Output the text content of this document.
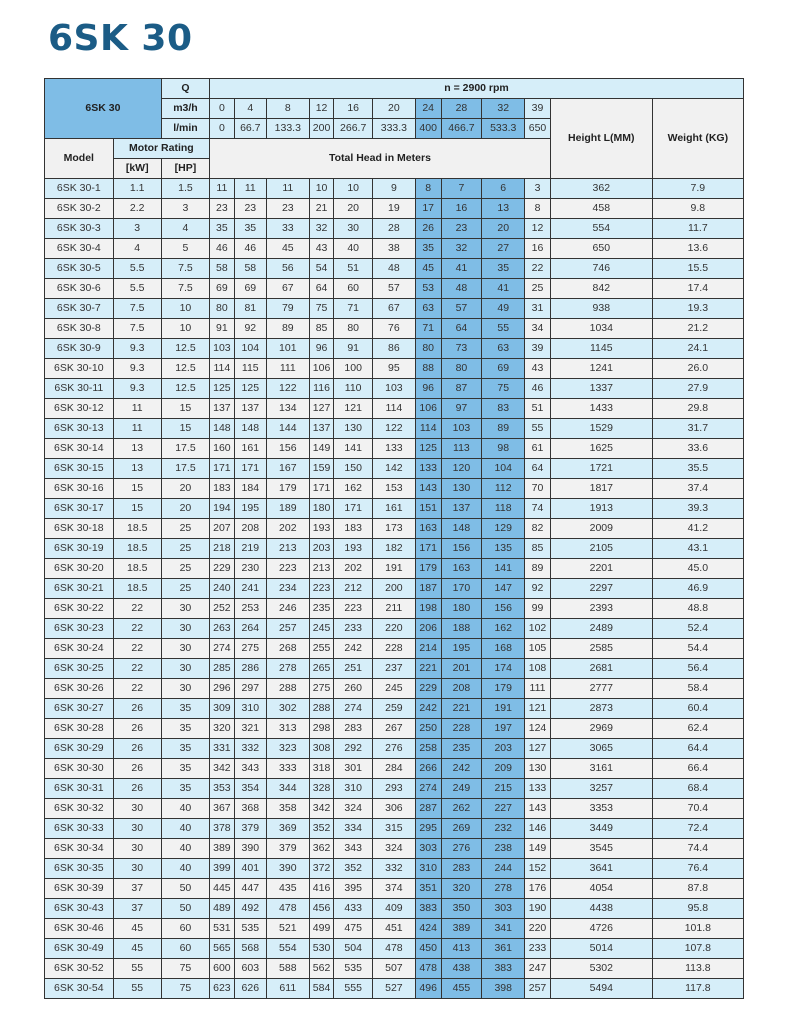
6SK 30
6SK 30		Q	n = 2900 rpm											
		m3/h	0	4	8	12	16	20	24	28	32	39	Height L(MM)	Weight (KG)
		l/min	0	66.7	133.3	200	266.7	333.3	400	466.7	533.3	650		
Model	Motor Rating		Total Head in Meters											
	[kW]	[HP]												
6SK 30-1	1.1	1.5	11	11	11	10	10	9	8	7	6	3	362	7.9
6SK 30-2	2.2	3	23	23	23	21	20	19	17	16	13	8	458	9.8
6SK 30-3	3	4	35	35	33	32	30	28	26	23	20	12	554	11.7
6SK 30-4	4	5	46	46	45	43	40	38	35	32	27	16	650	13.6
6SK 30-5	5.5	7.5	58	58	56	54	51	48	45	41	35	22	746	15.5
6SK 30-6	5.5	7.5	69	69	67	64	60	57	53	48	41	25	842	17.4
6SK 30-7	7.5	10	80	81	79	75	71	67	63	57	49	31	938	19.3
6SK 30-8	7.5	10	91	92	89	85	80	76	71	64	55	34	1034	21.2
6SK 30-9	9.3	12.5	103	104	101	96	91	86	80	73	63	39	1145	24.1
6SK 30-10	9.3	12.5	114	115	111	106	100	95	88	80	69	43	1241	26.0
6SK 30-11	9.3	12.5	125	125	122	116	110	103	96	87	75	46	1337	27.9
6SK 30-12	11	15	137	137	134	127	121	114	106	97	83	51	1433	29.8
6SK 30-13	11	15	148	148	144	137	130	122	114	103	89	55	1529	31.7
6SK 30-14	13	17.5	160	161	156	149	141	133	125	113	98	61	1625	33.6
6SK 30-15	13	17.5	171	171	167	159	150	142	133	120	104	64	1721	35.5
6SK 30-16	15	20	183	184	179	171	162	153	143	130	112	70	1817	37.4
6SK 30-17	15	20	194	195	189	180	171	161	151	137	118	74	1913	39.3
6SK 30-18	18.5	25	207	208	202	193	183	173	163	148	129	82	2009	41.2
6SK 30-19	18.5	25	218	219	213	203	193	182	171	156	135	85	2105	43.1
6SK 30-20	18.5	25	229	230	223	213	202	191	179	163	141	89	2201	45.0
6SK 30-21	18.5	25	240	241	234	223	212	200	187	170	147	92	2297	46.9
6SK 30-22	22	30	252	253	246	235	223	211	198	180	156	99	2393	48.8
6SK 30-23	22	30	263	264	257	245	233	220	206	188	162	102	2489	52.4
6SK 30-24	22	30	274	275	268	255	242	228	214	195	168	105	2585	54.4
6SK 30-25	22	30	285	286	278	265	251	237	221	201	174	108	2681	56.4
6SK 30-26	22	30	296	297	288	275	260	245	229	208	179	111	2777	58.4
6SK 30-27	26	35	309	310	302	288	274	259	242	221	191	121	2873	60.4
6SK 30-28	26	35	320	321	313	298	283	267	250	228	197	124	2969	62.4
6SK 30-29	26	35	331	332	323	308	292	276	258	235	203	127	3065	64.4
6SK 30-30	26	35	342	343	333	318	301	284	266	242	209	130	3161	66.4
6SK 30-31	26	35	353	354	344	328	310	293	274	249	215	133	3257	68.4
6SK 30-32	30	40	367	368	358	342	324	306	287	262	227	143	3353	70.4
6SK 30-33	30	40	378	379	369	352	334	315	295	269	232	146	3449	72.4
6SK 30-34	30	40	389	390	379	362	343	324	303	276	238	149	3545	74.4
6SK 30-35	30	40	399	401	390	372	352	332	310	283	244	152	3641	76.4
6SK 30-39	37	50	445	447	435	416	395	374	351	320	278	176	4054	87.8
6SK 30-43	37	50	489	492	478	456	433	409	383	350	303	190	4438	95.8
6SK 30-46	45	60	531	535	521	499	475	451	424	389	341	220	4726	101.8
6SK 30-49	45	60	565	568	554	530	504	478	450	413	361	233	5014	107.8
6SK 30-52	55	75	600	603	588	562	535	507	478	438	383	247	5302	113.8
6SK 30-54	55	75	623	626	611	584	555	527	496	455	398	257	5494	117.8
